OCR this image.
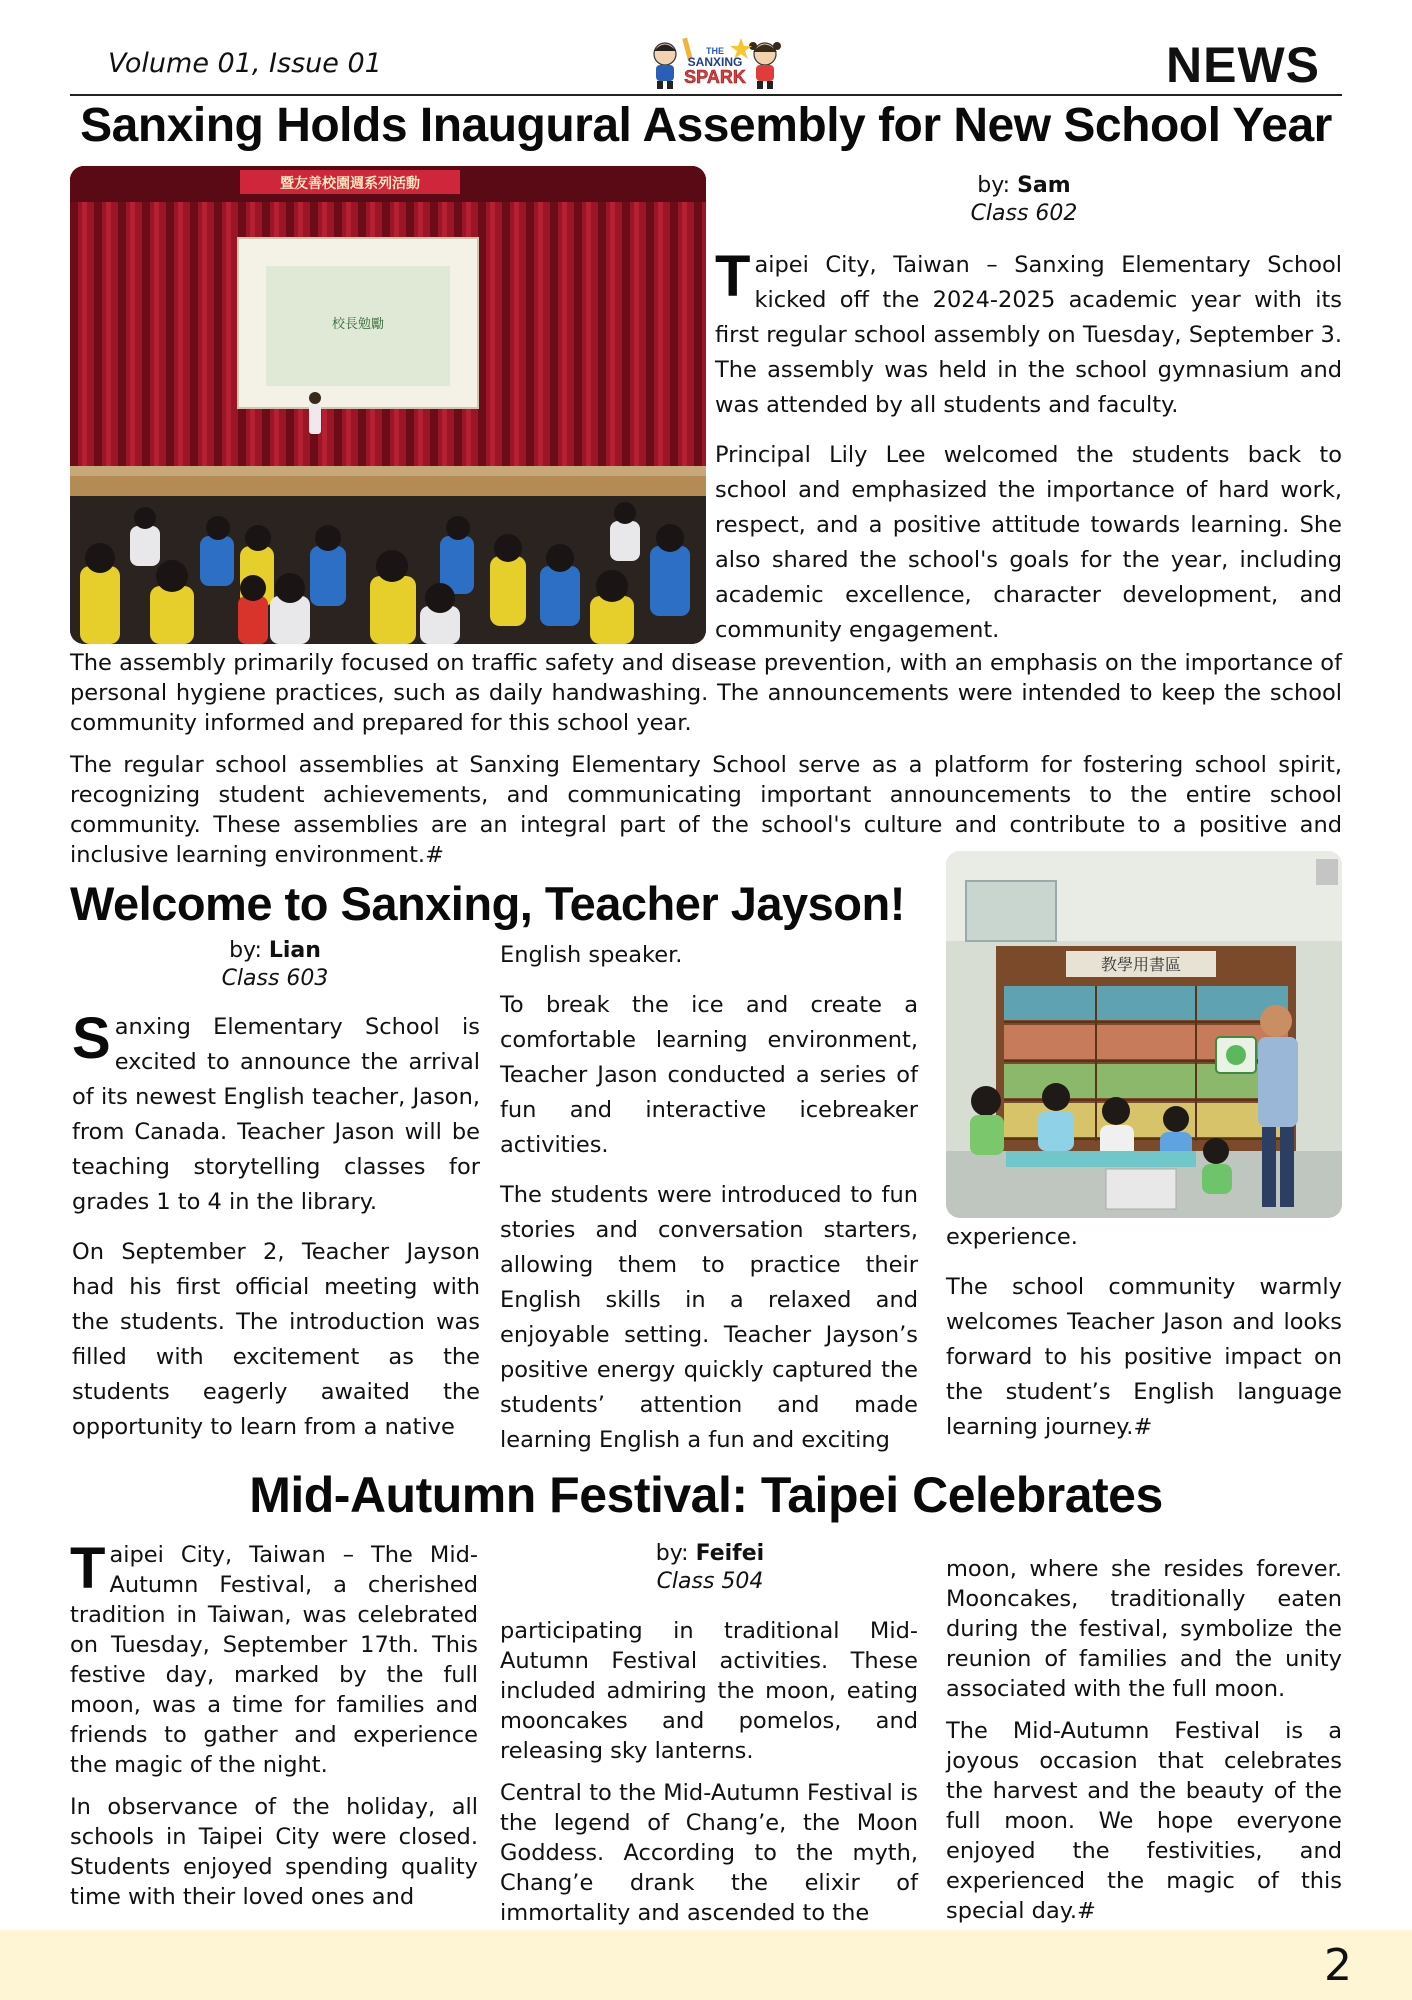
Volume 01, Issue 01	THE
SANXING
SPARK	NEWS
Sanxing Holds Inaugural Assembly for New School Year
暨友善校園週系列活動
校長勉勵
by: Sam
Class 602

Taipei City, Taiwan – Sanxing Elementary School kicked off the 2024-2025 academic year with its first regular school assembly on Tuesday, September 3. The assembly was held in the school gymnasium and was attended by all students and faculty.

Principal Lily Lee welcomed the students back to school and emphasized the importance of hard work, respect, and a positive attitude towards learning. She also shared the school's goals for the year, including academic excellence, character development, and community engagement.

The assembly primarily focused on traffic safety and disease prevention, with an emphasis on the importance of personal hygiene practices, such as daily handwashing. The announcements were intended to keep the school community informed and prepared for this school year.

The regular school assemblies at Sanxing Elementary School serve as a platform for fostering school spirit, recognizing student achievements, and communicating important announcements to the entire school community. These assemblies are an integral part of the school's culture and contribute to a positive and inclusive learning environment.#

Welcome to Sanxing, Teacher Jayson!
by: Lian
Class 603

Sanxing Elementary School is excited to announce the arrival of its newest English teacher, Jason, from Canada. Teacher Jason will be teaching storytelling classes for grades 1 to 4 in the library.

On September 2, Teacher Jayson had his first official meeting with the students. The introduction was filled with excitement as the students eagerly awaited the opportunity to learn from a native

English speaker.

To break the ice and create a comfortable learning environment, Teacher Jason conducted a series of fun and interactive icebreaker activities.

The students were introduced to fun stories and conversation starters, allowing them to practice their English skills in a relaxed and enjoyable setting. Teacher Jayson’s positive energy quickly captured the students’ attention and made learning English a fun and exciting

教學用書區

experience.

The school community warmly welcomes Teacher Jason and looks forward to his positive impact on the student’s English language learning journey.#

Mid-Autumn Festival: Taipei Celebrates

Taipei City, Taiwan – The Mid-Autumn Festival, a cherished tradition in Taiwan, was celebrated on Tuesday, September 17th. This festive day, marked by the full moon, was a time for families and friends to gather and experience the magic of the night.

In observance of the holiday, all schools in Taipei City were closed. Students enjoyed spending quality time with their loved ones and

by: Feifei
Class 504

participating in traditional Mid-Autumn Festival activities. These included admiring the moon, eating mooncakes and pomelos, and releasing sky lanterns.

Central to the Mid-Autumn Festival is the legend of Chang’e, the Moon Goddess. According to the myth, Chang’e drank the elixir of immortality and ascended to the

moon, where she resides forever. Mooncakes, traditionally eaten during the festival, symbolize the reunion of families and the unity associated with the full moon.

The Mid-Autumn Festival is a joyous occasion that celebrates the harvest and the beauty of the full moon. We hope everyone enjoyed the festivities, and experienced the magic of this special day.#

2
